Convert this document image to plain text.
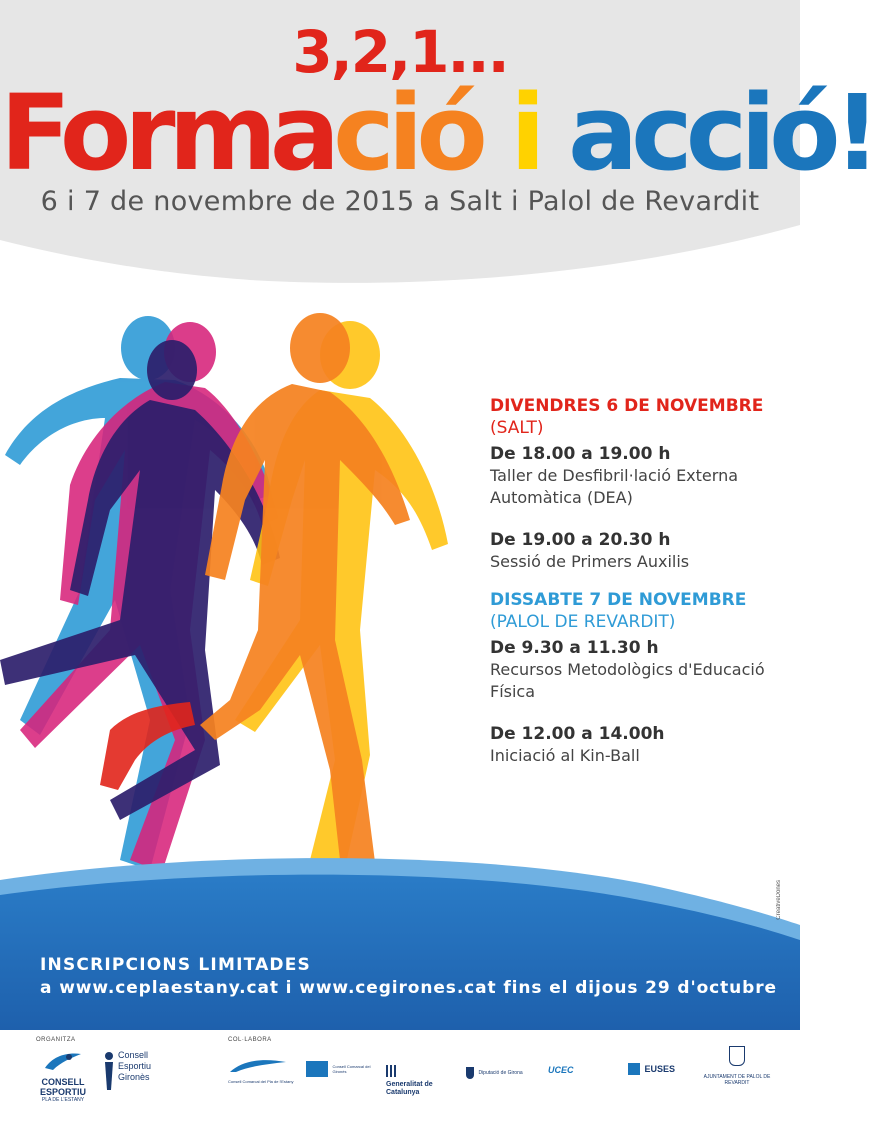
3,2,1...
Formació i acció!
6 i 7 de novembre de 2015 a Salt i Palol de Revardit
DIVENDRES 6 DE NOVEMBRE
(SALT)
De 18.00 a 19.00 h
Taller de Desfibril·lació Externa Automàtica (DEA)
De 19.00 a 20.30 h
Sessió de Primers Auxilis
DISSABTE 7 DE NOVEMBRE
(PALOL DE REVARDIT)
De 9.30 a 11.30 h
Recursos Metodològics d'Educació Física
De 12.00 a 14.00h
Iniciació al Kin-Ball
CreativeDones
INSCRIPCIONS LIMITADES
a www.ceplaestany.cat i www.cegirones.cat fins el dijous 29 d'octubre
ORGANITZA	COL·LABORA
CONSELL ESPORTIU
PLA DE L'ESTANY
Consell Esportiu Gironès	Consell Comarcal del Pla de l'Estany
Consell Comarcal del Gironès
Generalitat de Catalunya
Diputació de Girona	UCEC	EUSES
AJUNTAMENT DE PALOL DE REVARDIT
